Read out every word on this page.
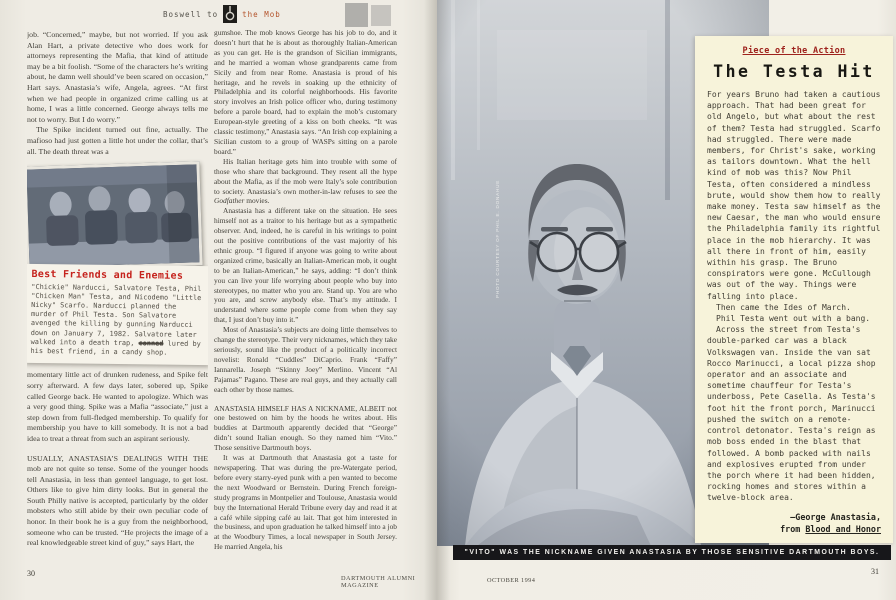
Boswell to	the Mob

job. “Concerned,” maybe, but not worried. If you ask Alan Hart, a private detective who does work for attorneys representing the Mafia, that kind of attitude may be a bit foolish. “Some of the characters he’s writing about, he damn well should’ve been scared on occasion,” Hart says. Anastasia’s wife, Angela, agrees. “At first when we had people in organized crime calling us at home, I was a little concerned. George always tells me not to worry. But I do worry.”

The Spike incident turned out fine, actually. The mafioso had just gotten a little hot under the collar, that’s all. The death threat was a

Best Friends and Enemies
"Chickie" Narducci, Salvatore Testa, Phil "Chicken Man" Testa, and Nicodemo "Little Nicky" Scarfo. Narducci planned the murder of Phil Testa. Son Salvatore avenged the killing by gunning Narducci down on January 7, 1982. Salvatore later walked into a death trap, conned lured by his best friend, in a candy shop.

momentary little act of drunken rudeness, and Spike felt sorry afterward. A few days later, sobered up, Spike called George back. He wanted to apologize. Which was a very good thing. Spike was a Mafia “associate,” just a step down from full-fledged membership. To qualify for membership you have to kill somebody. It is not a bad idea to treat a threat from such an aspirant seriously.

USUALLY, ANASTASIA’S DEALINGS WITH THE mob are not quite so tense. Some of the younger hoods tell Anastasia, in less than genteel language, to get lost. Others like to give him dirty looks. But in general the South Philly native is accepted, particularly by the older mobsters who still abide by their own peculiar code of honor. In their book he is a guy from the neighborhood, someone who can be trusted. “He projects the image of a real knowledgeable street kind of guy,” says Hart, the

gumshoe. The mob knows George has his job to do, and it doesn’t hurt that he is about as thoroughly Italian-American as you can get. He is the grandson of Sicilian immigrants, and he married a woman whose grandparents came from Sicily and from near Rome. Anastasia is proud of his heritage, and he revels in soaking up the ethnicity of Philadelphia and its colorful neighborhoods. His favorite story involves an Irish police officer who, during testimony before a parole board, had to explain the mob’s customary European-style greeting of a kiss on both cheeks. “It was classic testimony,” Anastasia says. “An Irish cop explaining a Sicilian custom to a group of WASPs sitting on a parole board.”

His Italian heritage gets him into trouble with some of those who share that background. They resent all the hype about the Mafia, as if the mob were Italy’s sole contribution to society. Anastasia’s own mother-in-law refuses to see the Godfather movies.

Anastasia has a different take on the situation. He sees himself not as a traitor to his heritage but as a sympathetic observer. And, indeed, he is careful in his writings to point out the positive contributions of the vast majority of his ethnic group. “I figured if anyone was going to write about organized crime, basically an Italian-American mob, it ought to be an Italian-American,” he says, adding: “I don’t think you can live your life worrying about people who buy into stereotypes, no matter who you are. Stand up. You are who you are, and screw anybody else. That’s my attitude. I understand where some people come from when they say that, I just don’t buy into it.”

Most of Anastasia’s subjects are doing little themselves to change the stereotype. Their very nicknames, which they take seriously, sound like the product of a politically incorrect novelist: Ronald “Cuddles” DiCaprio. Frank “Faffy” Iannarella. Joseph “Skinny Joey” Merlino. Vincent “Al Pajamas” Pagano. These are real guys, and they actually call each other by those names.

ANASTASIA HIMSELF HAS A NICKNAME, ALBEIT not one bestowed on him by the hoods he writes about. His buddies at Dartmouth apparently decided that “George” didn’t sound Italian enough. So they named him “Vito.” Those sensitive Dartmouth boys.

It was at Dartmouth that Anastasia got a taste for newspapering. That was during the pre-Watergate period, before every starry-eyed punk with a pen wanted to become the next Woodward or Bernstein. During French foreign-study programs in Montpelier and Toulouse, Anastasia would buy the International Herald Tribune every day and read it at a café while sipping café au lait. That got him interested in the business, and upon graduation he talked himself into a job at the Woodbury Times, a local newspaper in South Jersey. He married Angela, his

30
DARTMOUTH ALUMNI MAGAZINE
PHOTO COURTESY OF PHIL E. DONAHUE
Piece of the Action
The Testa Hit

For years Bruno had taken a cautious approach. That had been great for old Angelo, but what about the rest of them? Testa had struggled. Scarfo had struggled. There were made members, for Christ's sake, working as tailors downtown. What the hell kind of mob was this? Now Phil Testa, often considered a mindless brute, would show them how to really make money. Testa saw himself as the new Caesar, the man who would ensure the Philadelphia family its rightful place in the mob hierarchy. It was all there in front of him, easily within his grasp. The Bruno conspirators were gone. McCullough was out of the way. Things were falling into place.

Then came the Ides of March.

Phil Testa went out with a bang.

Across the street from Testa's double-parked car was a black Volkswagen van. Inside the van sat Rocco Marinucci, a local pizza shop operator and an associate and sometime chauffeur for Testa's underboss, Pete Casella. As Testa's foot hit the front porch, Marinucci pushed the switch on a remote-control detonator. Testa's reign as mob boss ended in the blast that followed. A bomb packed with nails and explosives erupted from under the porch where it had been hidden, rocking homes and stores within a twelve-block area.

—George Anastasia,
from Blood and Honor
"VITO" WAS THE NICKNAME GIVEN ANASTASIA BY THOSE SENSITIVE DARTMOUTH BOYS.
OCTOBER 1994
31
